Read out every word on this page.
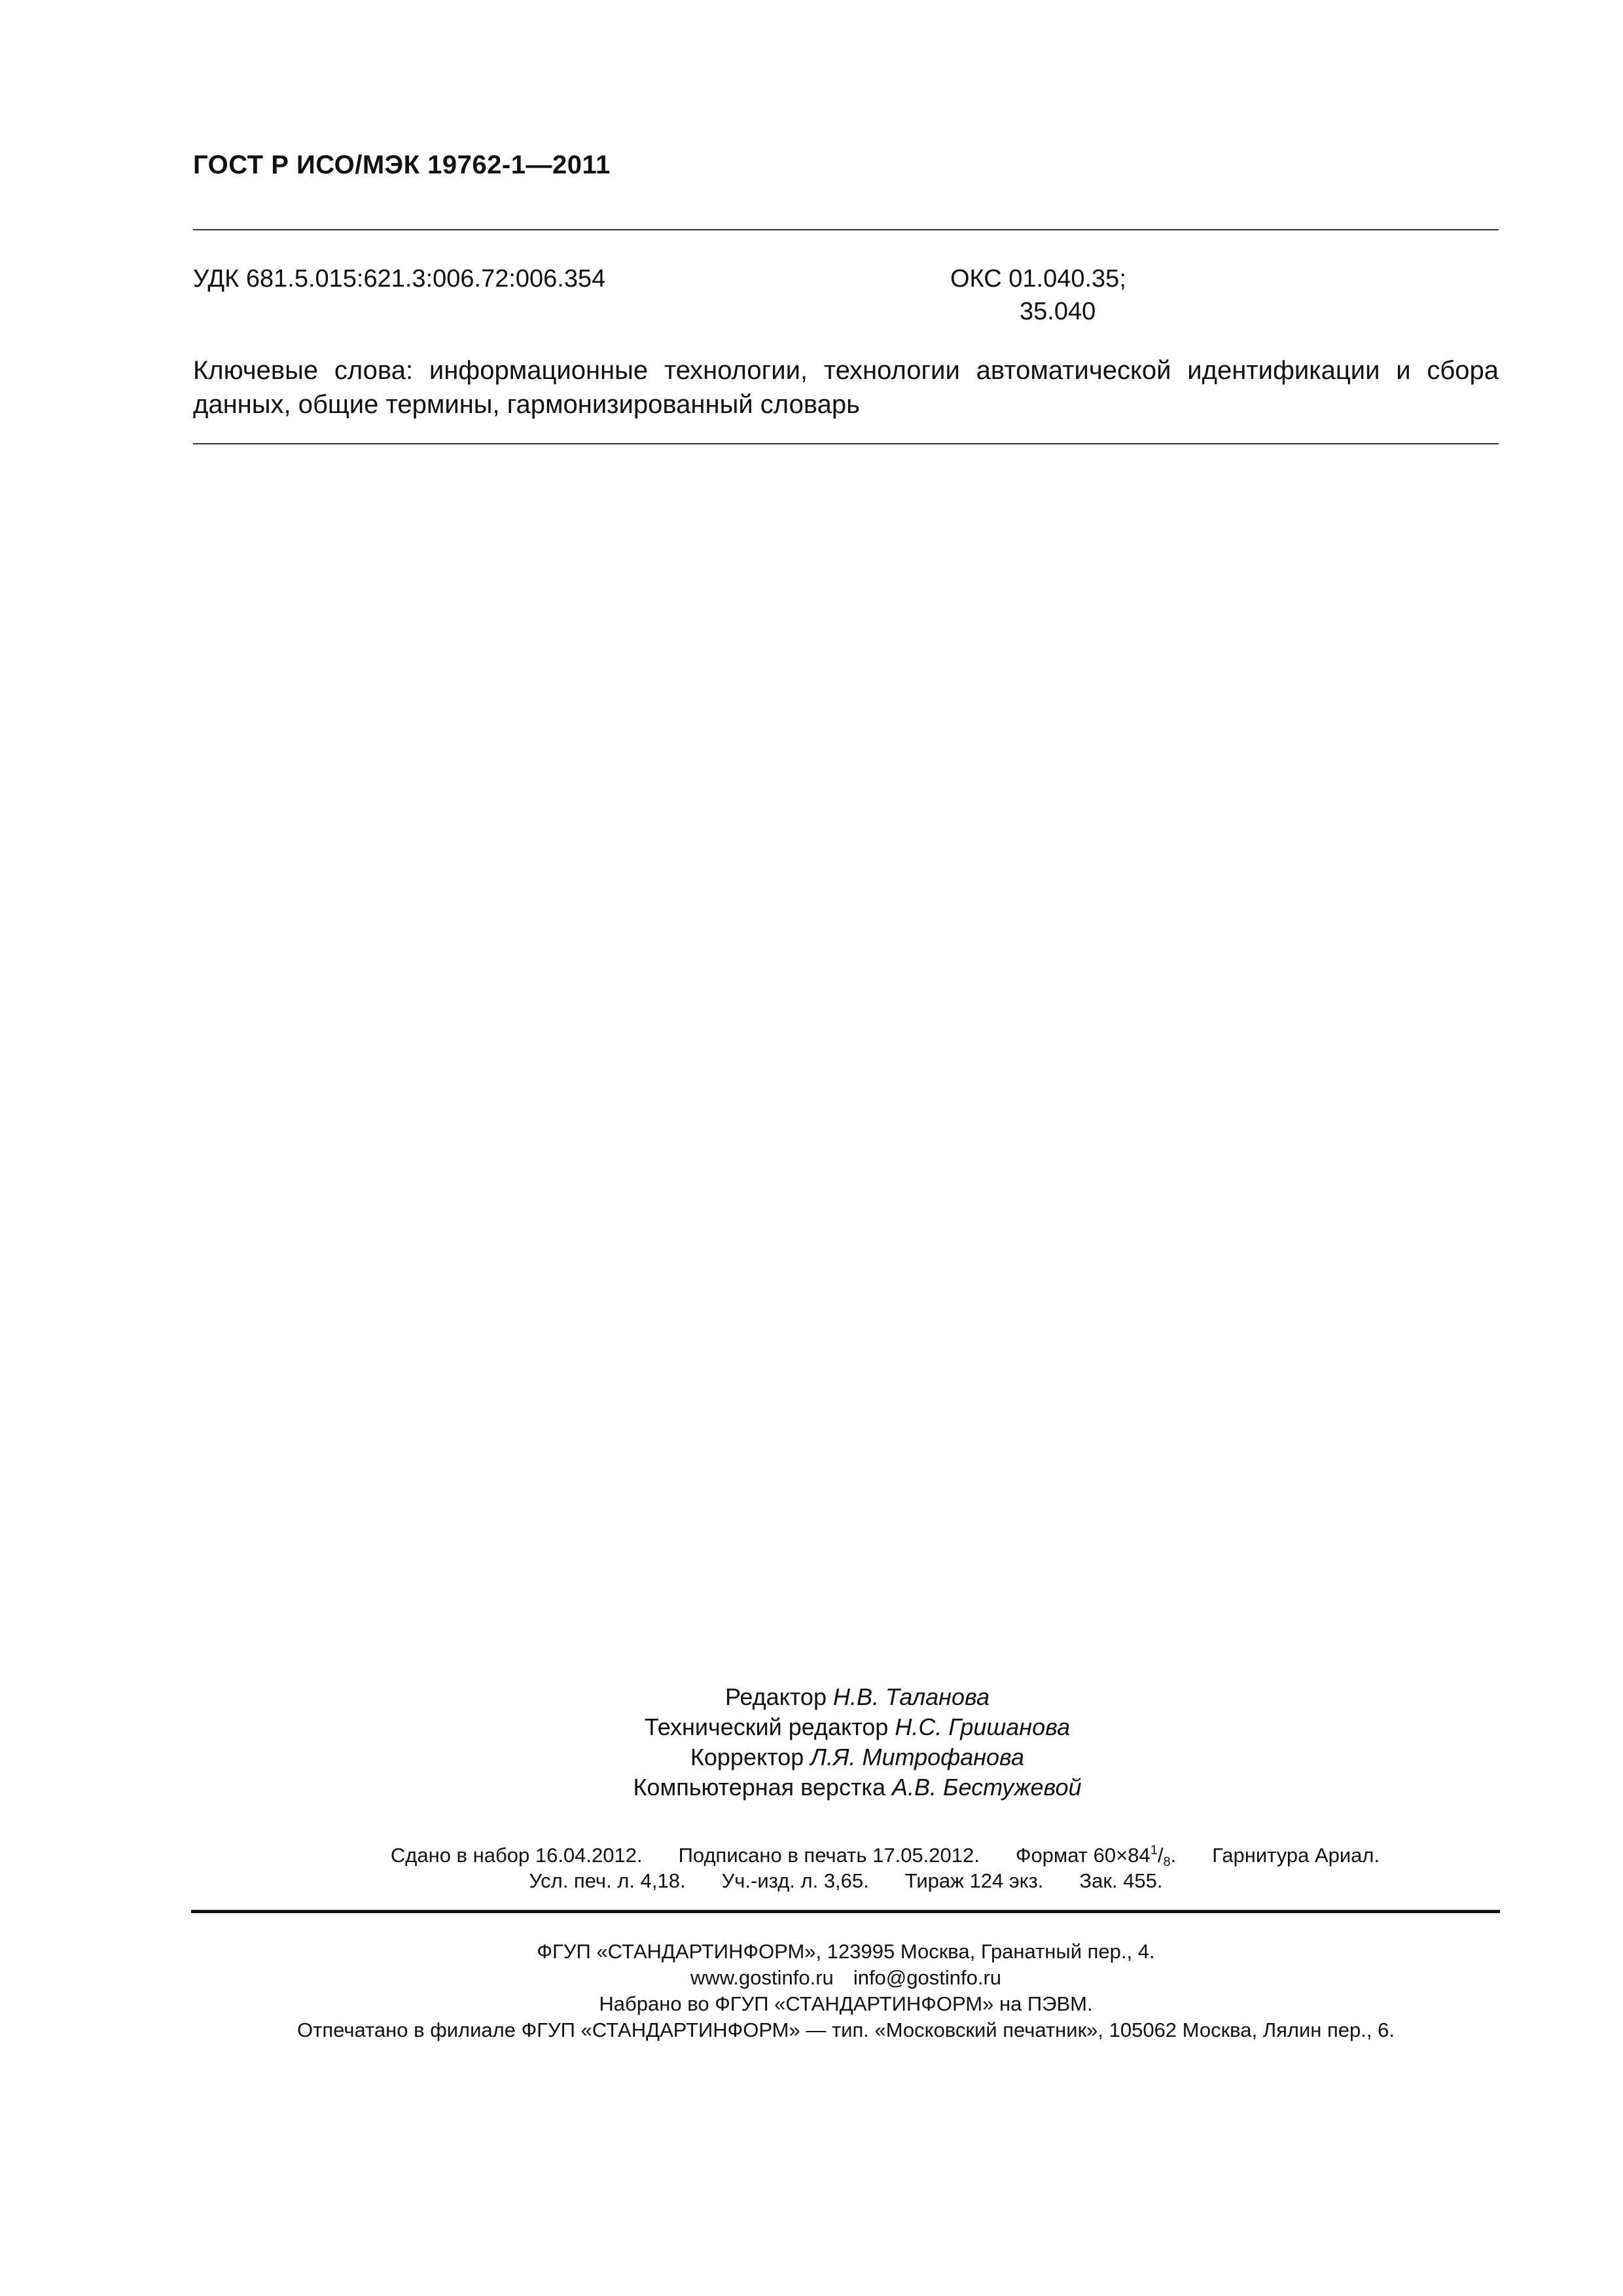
ГОСТ Р ИСО/МЭК 19762-1—2011
УДК 681.5.015:621.3:006.72:006.354	ОКС 01.040.35;
35.040
Ключевые слова: информационные технологии, технологии автоматической идентификации и сбора данных, общие термины, гармонизированный словарь
Редактор Н.В. Таланова
Технический редактор Н.С. Гришанова
Корректор Л.Я. Митрофанова
Компьютерная верстка А.В. Бестужевой
Сдано в набор 16.04.2012. Подписано в печать 17.05.2012. Формат $60\times 84^1/_8$. Гарнитура Ариал.
Усл. печ. л. 4,18. Уч.-изд. л. 3,65. Тираж 124 экз. Зак. 455.
ФГУП «СТАНДАРТИНФОРМ», 123995 Москва, Гранатный пер., 4.
www.gostinfo.ru info@gostinfo.ru
Набрано во ФГУП «СТАНДАРТИНФОРМ» на ПЭВМ.
Отпечатано в филиале ФГУП «СТАНДАРТИНФОРМ» — тип. «Московский печатник», 105062 Москва, Лялин пер., 6.
